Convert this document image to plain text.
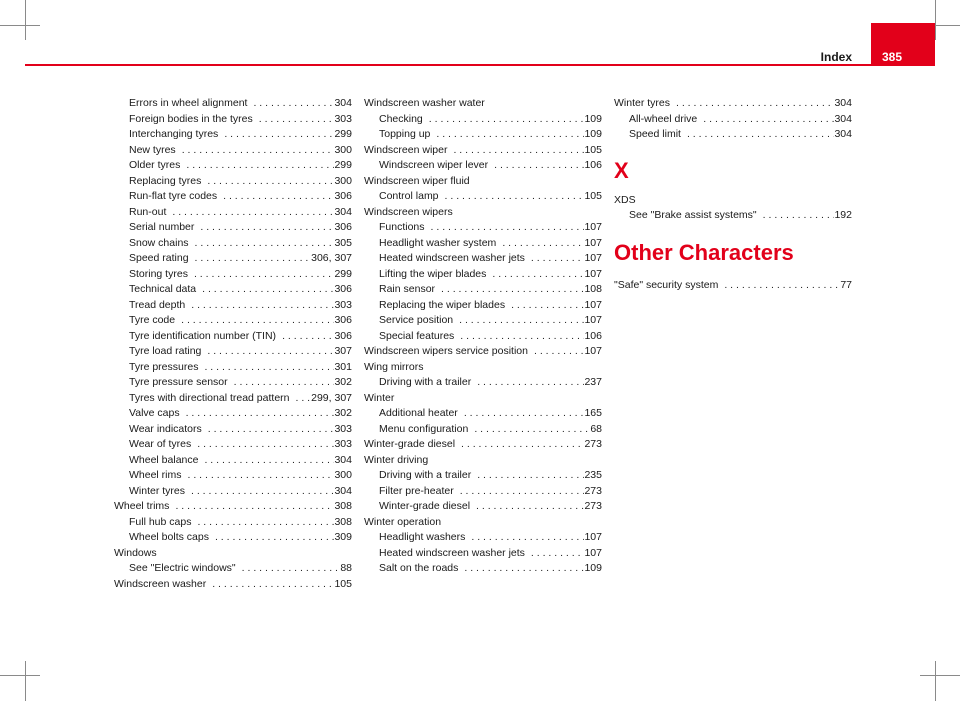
Index	385
Errors in wheel alignment . . .	304
Foreign bodies in the tyres . . .	303
Interchanging tyres . . .	299
New tyres . . .	300
Older tyres . . .	299
Replacing tyres . . .	300
Run-flat tyre codes . . .	306
Run-out . . .	304
Serial number . . .	306
Snow chains . . .	305
Speed rating . . .	306, 307
Storing tyres . . .	299
Technical data . . .	306
Tread depth . . .	303
Tyre code . . .	306
Tyre identification number (TIN) . . .	306
Tyre load rating . . .	307
Tyre pressures . . .	301
Tyre pressure sensor . . .	302
Tyres with directional tread pattern . . . 299, 307
Valve caps . . .	302
Wear indicators . . .	303
Wear of tyres . . .	303
Wheel balance . . .	304
Wheel rims . . .	300
Winter tyres . . .	304
Wheel trims . . .	308
Full hub caps . . .	308
Wheel bolts caps . . .	309
Windows
See "Electric windows" . . .	88
Windscreen washer . . .	105
Windscreen washer water
Checking . . .	109
Topping up . . .	109
Windscreen wiper . . .	105
Windscreen wiper lever . . .	106
Windscreen wiper fluid
Control lamp . . .	105
Windscreen wipers
Functions . . .	107
Headlight washer system . . .	107
Heated windscreen washer jets . . .	107
Lifting the wiper blades . . .	107
Rain sensor . . .	108
Replacing the wiper blades . . .	107
Service position . . .	107
Special features . . .	106
Windscreen wipers service position . . .	107
Wing mirrors
Driving with a trailer . . .	237
Winter
Additional heater . . .	165
Menu configuration . . .	68
Winter-grade diesel . . .	273
Winter driving
Driving with a trailer . . .	235
Filter pre-heater . . .	273
Winter-grade diesel . . .	273
Winter operation
Headlight washers . . .	107
Heated windscreen washer jets . . .	107
Salt on the roads . . .	109
Winter tyres . . .	304
All-wheel drive . . .	304
Speed limit . . .	304
X
XDS
See "Brake assist systems" . . .	192
Other Characters
"Safe" security system . . .	77
